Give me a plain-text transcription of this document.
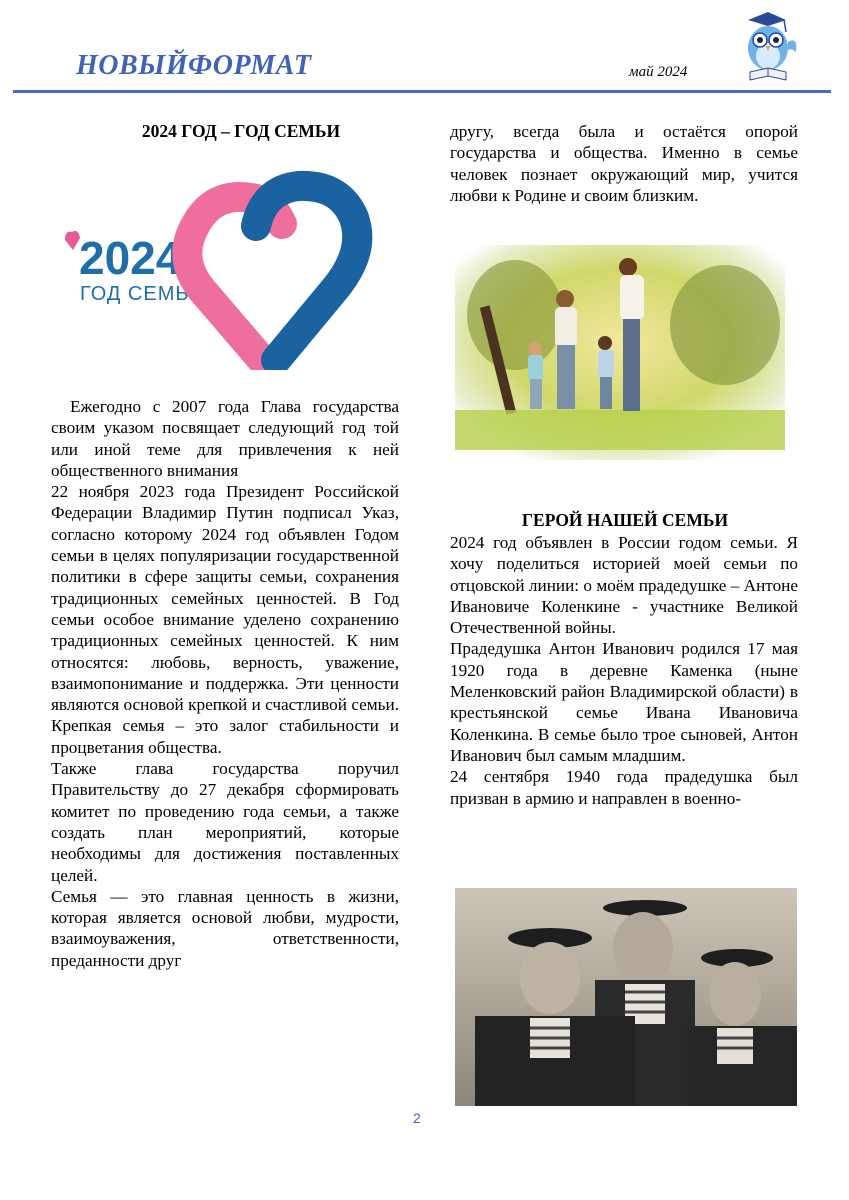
НОВЫЙФОРМАТ	май 2024
2024 ГОД – ГОД СЕМЬИ
2024
ГОД СЕМЬИ

Ежегодно с 2007 года Глава государства своим указом посвящает следующий год той или иной теме для привлечения к ней общественного внимания

22 ноября 2023 года Президент Российской Федерации Владимир Путин подписал Указ, согласно которому 2024 год объявлен Годом семьи в целях популяризации государственной политики в сфере защиты семьи, сохранения традиционных семейных ценностей. В Год семьи особое внимание уделено сохранению традиционных семейных ценностей. К ним относятся: любовь, верность, уважение, взаимопонимание и поддержка. Эти ценности являются основой крепкой и счастливой семьи. Крепкая семья – это залог стабильности и процветания общества.

Также глава государства поручил Правительству до 27 декабря сформировать комитет по проведению года семьи, а также создать план мероприятий, которые необходимы для достижения поставленных целей.

Семья — это главная ценность в жизни, которая является основой любви, мудрости, взаимоуважения, ответственности, преданности друг

другу, всегда была и остаётся опорой государства и общества. Именно в семье человек познает окружающий мир, учится любви к Родине и своим близким.

ГЕРОЙ НАШЕЙ СЕМЬИ

2024 год объявлен в России годом семьи. Я хочу поделиться историей моей семьи по отцовской линии: о моём прадедушке – Антоне Ивановиче Коленкине - участнике Великой Отечественной войны.

Прадедушка Антон Иванович родился 17 мая 1920 года в деревне Каменка (ныне Меленковский район Владимирской области) в крестьянской семье Ивана Ивановича Коленкина. В семье было трое сыновей, Антон Иванович был самым младшим.

24 сентября 1940 года прадедушка был призван в армию и направлен в военно-

2
